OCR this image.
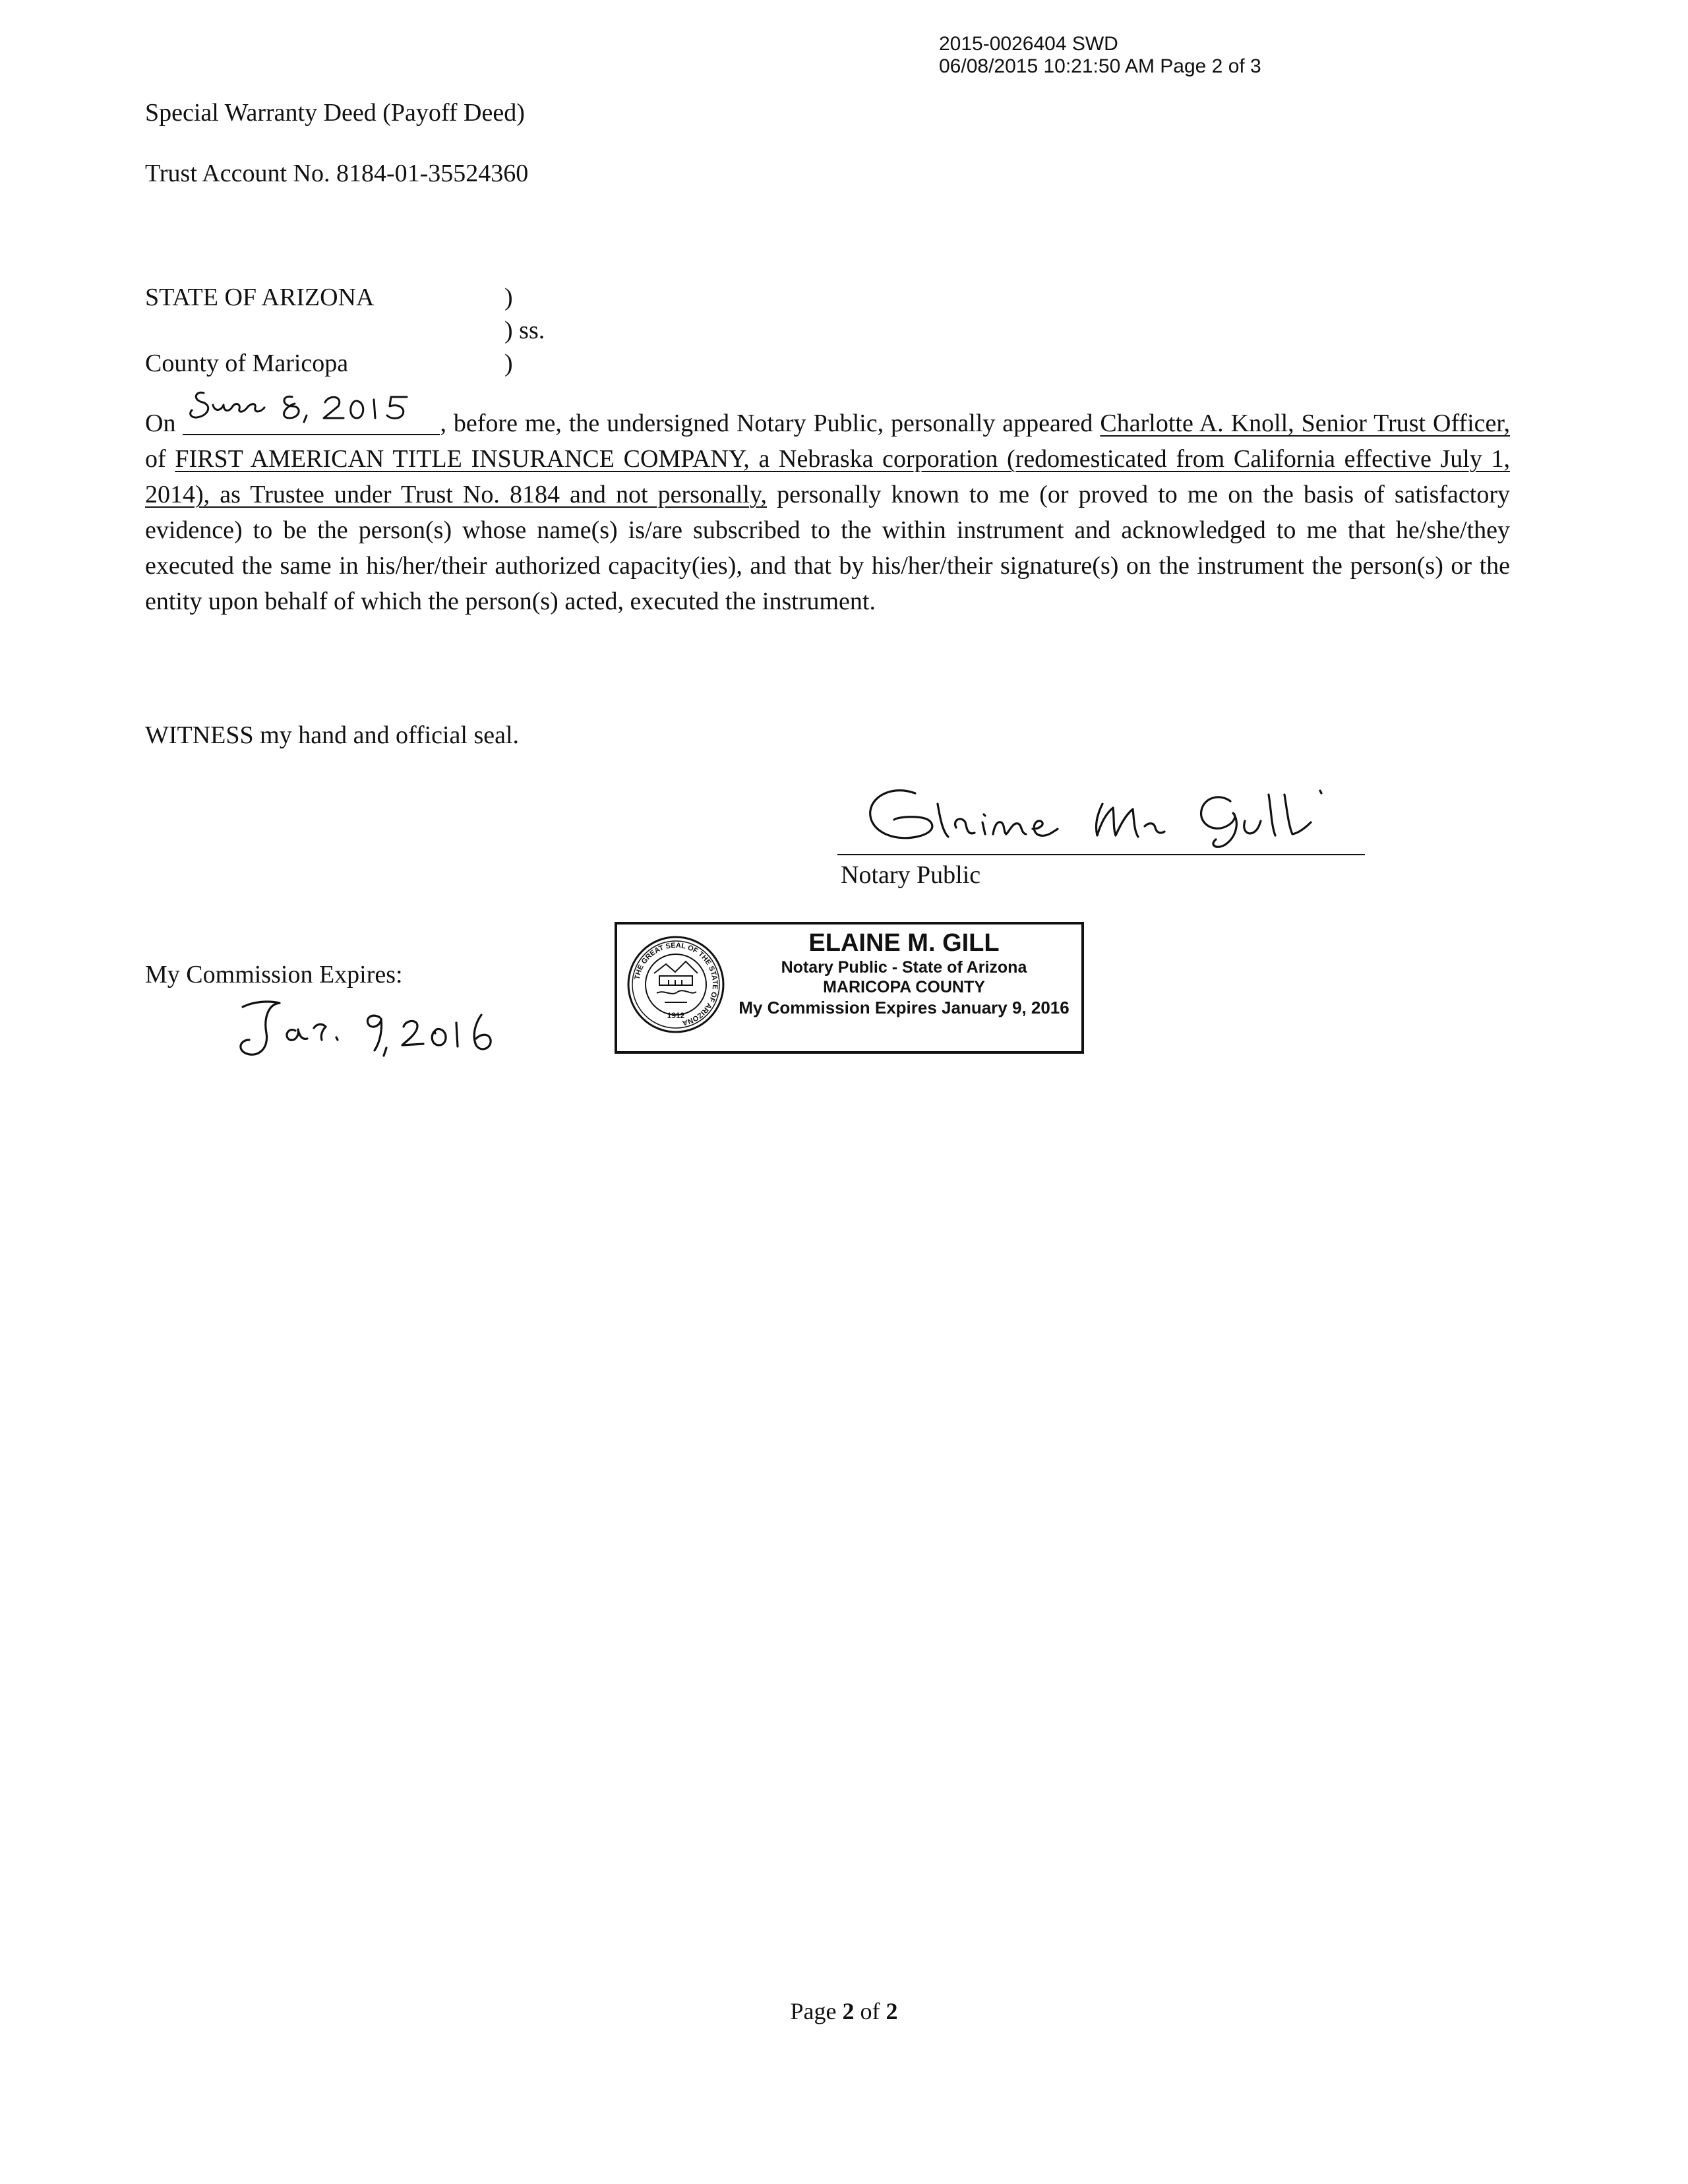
2015-0026404 SWD
06/08/2015 10:21:50 AM Page 2 of 3
Special Warranty Deed (Payoff Deed)
Trust Account No. 8184-01-35524360
STATE OF ARIZONA
County of Maricopa
)
) ss.
)
On	, before me, the undersigned Notary Public, personally appeared Charlotte A. Knoll, Senior Trust Officer, of FIRST AMERICAN TITLE INSURANCE COMPANY, a Nebraska corporation (redomesticated from California effective July 1, 2014), as Trustee under Trust No. 8184 and not personally, personally known to me (or proved to me on the basis of satisfactory evidence) to be the person(s) whose name(s) is/are subscribed to the within instrument and acknowledged to me that he/she/they executed the same in his/her/their authorized capacity(ies), and that by his/her/their signature(s) on the instrument the person(s) or the entity upon behalf of which the person(s) acted, executed the instrument.
WITNESS my hand and official seal.
Notary Public
My Commission Expires:	THE GREAT SEAL OF THE STATE OF ARIZONA
1912
ELAINE M. GILL
Notary Public - State of Arizona
MARICOPA COUNTY
My Commission Expires January 9, 2016
Page 2 of 2
